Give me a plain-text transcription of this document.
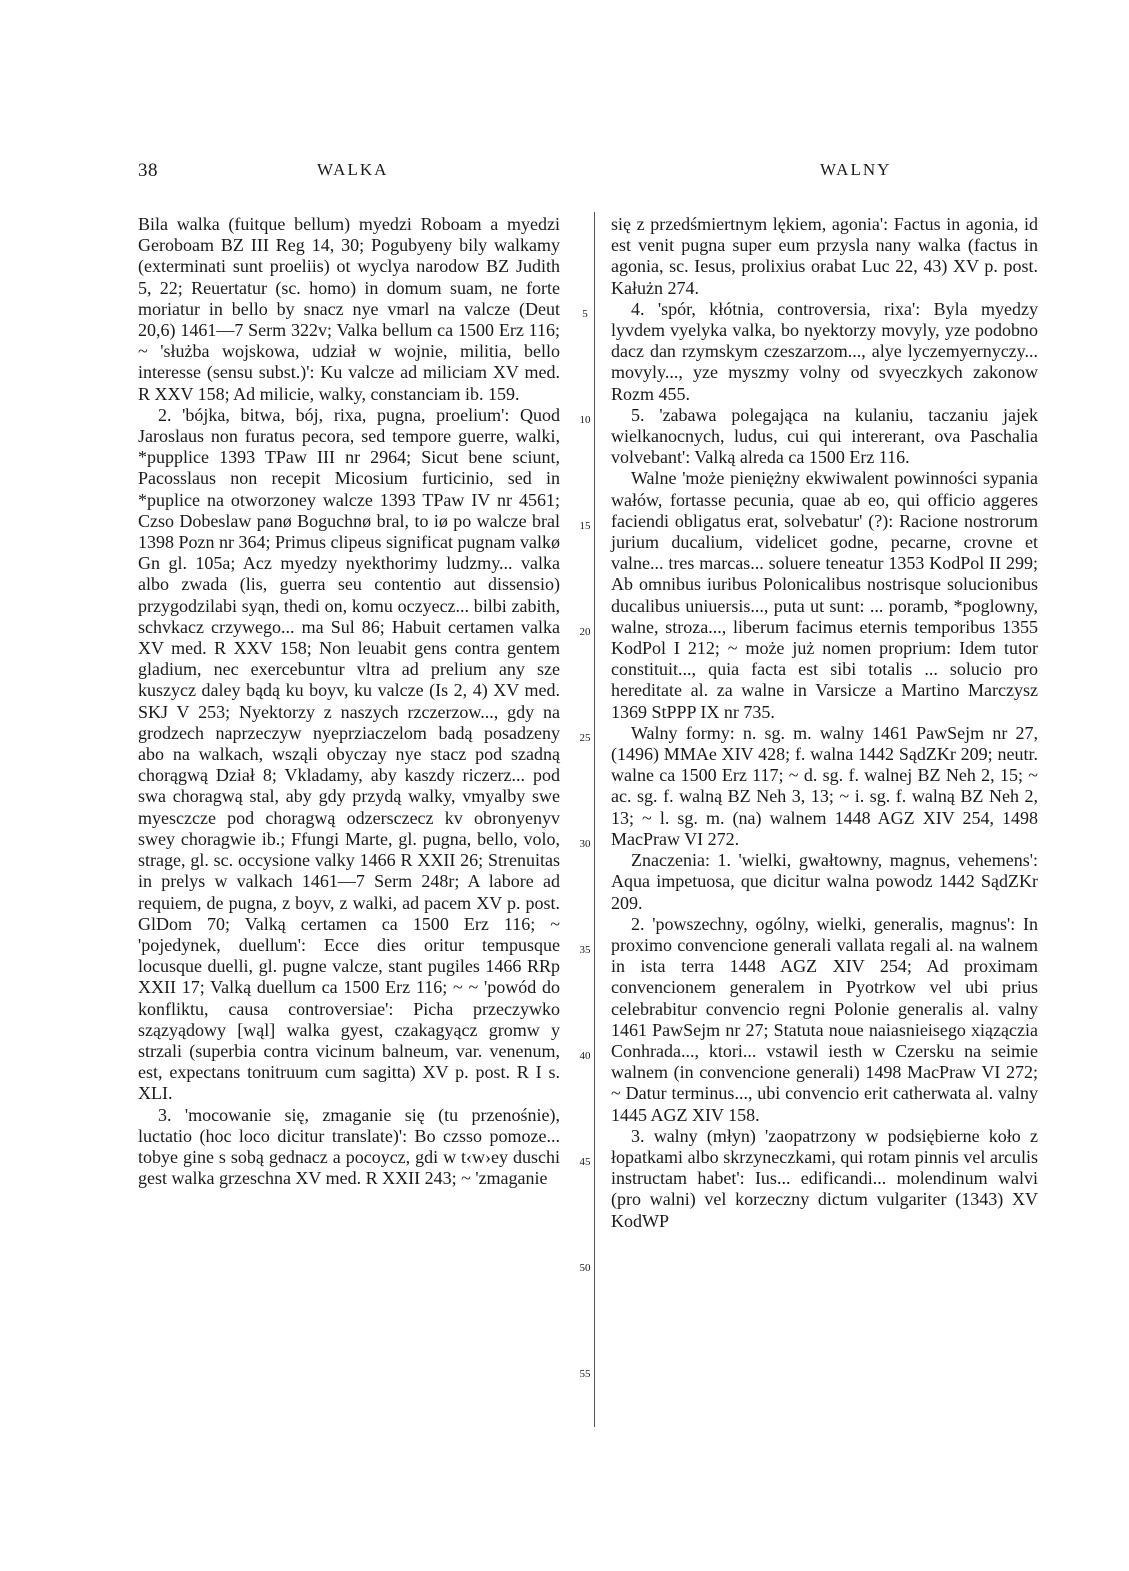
38	WALKA	WALNY

Bila walka (fuitque bellum) myedzi Roboam a myedzi Geroboam BZ III Reg 14, 30; Pogubyeny bily walkamy (exterminati sunt proeliis) ot wyclya narodow BZ Judith 5, 22; Reuertatur (sc. homo) in domum suam, ne forte moriatur in bello by snacz nye vmarl na valcze (Deut 20,6) 1461—7 Serm 322v; Valka bellum ca 1500 Erz 116; ~ 'służba wojskowa, udział w wojnie, militia, bello interesse (sensu subst.)': Ku valcze ad miliciam XV med. R XXV 158; Ad milicie, walky, constanciam ib. 159.

2. 'bójka, bitwa, bój, rixa, pugna, proelium': Quod Jaroslaus non furatus pecora, sed tempore guerre, walki, *pupplice 1393 TPaw III nr 2964; Sicut bene sciunt, Pacosslaus non recepit Micosium furticinio, sed in *puplice na otworzoney walcze 1393 TPaw IV nr 4561; Czso Dobeslaw panø Boguchnø bral, to iø po walcze bral 1398 Pozn nr 364; Primus clipeus significat pugnam valkø Gn gl. 105a; Acz myedzy nyekthorimy ludzmy... valka albo zwada (lis, guerra seu contentio aut dissensio) przygodzilabi syąn, thedi on, komu oczyecz... bilbi zabith, schvkacz crzywego... ma Sul 86; Habuit certamen valka XV med. R XXV 158; Non leuabit gens contra gentem gladium, nec exercebuntur vltra ad prelium any sze kuszycz daley bądą ku boyv, ku valcze (Is 2, 4) XV med. SKJ V 253; Nyektorzy z naszych rzczerzow..., gdy na grodzech naprzeczyw nyeprziaczelom badą posadzeny abo na walkach, wsząli obyczay nye stacz pod szadną chorągwą Dział 8; Vkladamy, aby kaszdy riczerz... pod swa choragwą stal, aby gdy przydą walky, vmyalby swe myesczcze pod choragwą odzersczecz kv obronyenyv swey choragwie ib.; Ffungi Marte, gl. pugna, bello, volo, strage, gl. sc. occysione valky 1466 R XXII 26; Strenuitas in prelys w valkach 1461—7 Serm 248r; A labore ad requiem, de pugna, z boyv, z walki, ad pacem XV p. post. GlDom 70; Valką certamen ca 1500 Erz 116; ~ 'pojedynek, duellum': Ecce dies oritur tempusque locusque duelli, gl. pugne valcze, stant pugiles 1466 RRp XXII 17; Valką duellum ca 1500 Erz 116; ~ ~ 'powód do konfliktu, causa controversiae': Picha przeczywko szązyądowy [wąl] walka gyest, czakagyącz gromw y strzali (superbia contra vicinum balneum, var. venenum, est, expectans tonitruum cum sagitta) XV p. post. R I s. XLI.

3. 'mocowanie się, zmaganie się (tu przenośnie), luctatio (hoc loco dicitur translate)': Bo czsso pomoze... tobye gine s sobą gednacz a pocoycz, gdi w t‹w›ey duschi gest walka grzeschna XV med. R XXII 243; ~ 'zmaganie

5
10
15
20
25
30
35
40
45
50
55

się z przedśmiertnym lękiem, agonia': Factus in agonia, id est venit pugna super eum przysla nany walka (factus in agonia, sc. Iesus, prolixius orabat Luc 22, 43) XV p. post. Kałużn 274.

4. 'spór, kłótnia, controversia, rixa': Byla myedzy lyvdem vyelyka valka, bo nyektorzy movyly, yze podobno dacz dan rzymskym czeszarzom..., alye lyczemyernyczy... movyly..., yze myszmy volny od svyeczkych zakonow Rozm 455.

5. 'zabawa polegająca na kulaniu, taczaniu jajek wielkanocnych, ludus, cui qui intererant, ova Paschalia volvebant': Valką alreda ca 1500 Erz 116.

Walne 'może pieniężny ekwiwalent powinności sypania wałów, fortasse pecunia, quae ab eo, qui officio aggeres faciendi obligatus erat, solvebatur' (?): Racione nostrorum jurium ducalium, videlicet godne, pecarne, crovne et valne... tres marcas... soluere teneatur 1353 KodPol II 299; Ab omnibus iuribus Polonicalibus nostrisque solucionibus ducalibus uniuersis..., puta ut sunt: ... poramb, *poglowny, walne, stroza..., liberum facimus eternis temporibus 1355 KodPol I 212; ~ może już nomen proprium: Idem tutor constituit..., quia facta est sibi totalis ... solucio pro hereditate al. za walne in Varsicze a Martino Marczysz 1369 StPPP IX nr 735.

Walny formy: n. sg. m. walny 1461 PawSejm nr 27, (1496) MMAe XIV 428; f. walna 1442 SądZKr 209; neutr. walne ca 1500 Erz 117; ~ d. sg. f. walnej BZ Neh 2, 15; ~ ac. sg. f. walną BZ Neh 3, 13; ~ i. sg. f. walną BZ Neh 2, 13; ~ l. sg. m. (na) walnem 1448 AGZ XIV 254, 1498 MacPraw VI 272.

Znaczenia: 1. 'wielki, gwałtowny, magnus, vehemens': Aqua impetuosa, que dicitur walna powodz 1442 SądZKr 209.

2. 'powszechny, ogólny, wielki, generalis, magnus': In proximo convencione generali vallata regali al. na walnem in ista terra 1448 AGZ XIV 254; Ad proximam convencionem generalem in Pyotrkow vel ubi prius celebrabitur convencio regni Polonie generalis al. valny 1461 PawSejm nr 27; Statuta noue naiasnieisego xiązączia Conhrada..., ktori... vstawil iesth w Czersku na seimie walnem (in convencione generali) 1498 MacPraw VI 272; ~ Datur terminus..., ubi convencio erit catherwata al. valny 1445 AGZ XIV 158.

3. walny (młyn) 'zaopatrzony w podsiębierne koło z łopatkami albo skrzyneczkami, qui rotam pinnis vel arculis instructam habet': Ius... edificandi... molendinum walvi (pro walni) vel korzeczny dictum vulgariter (1343) XV KodWP
